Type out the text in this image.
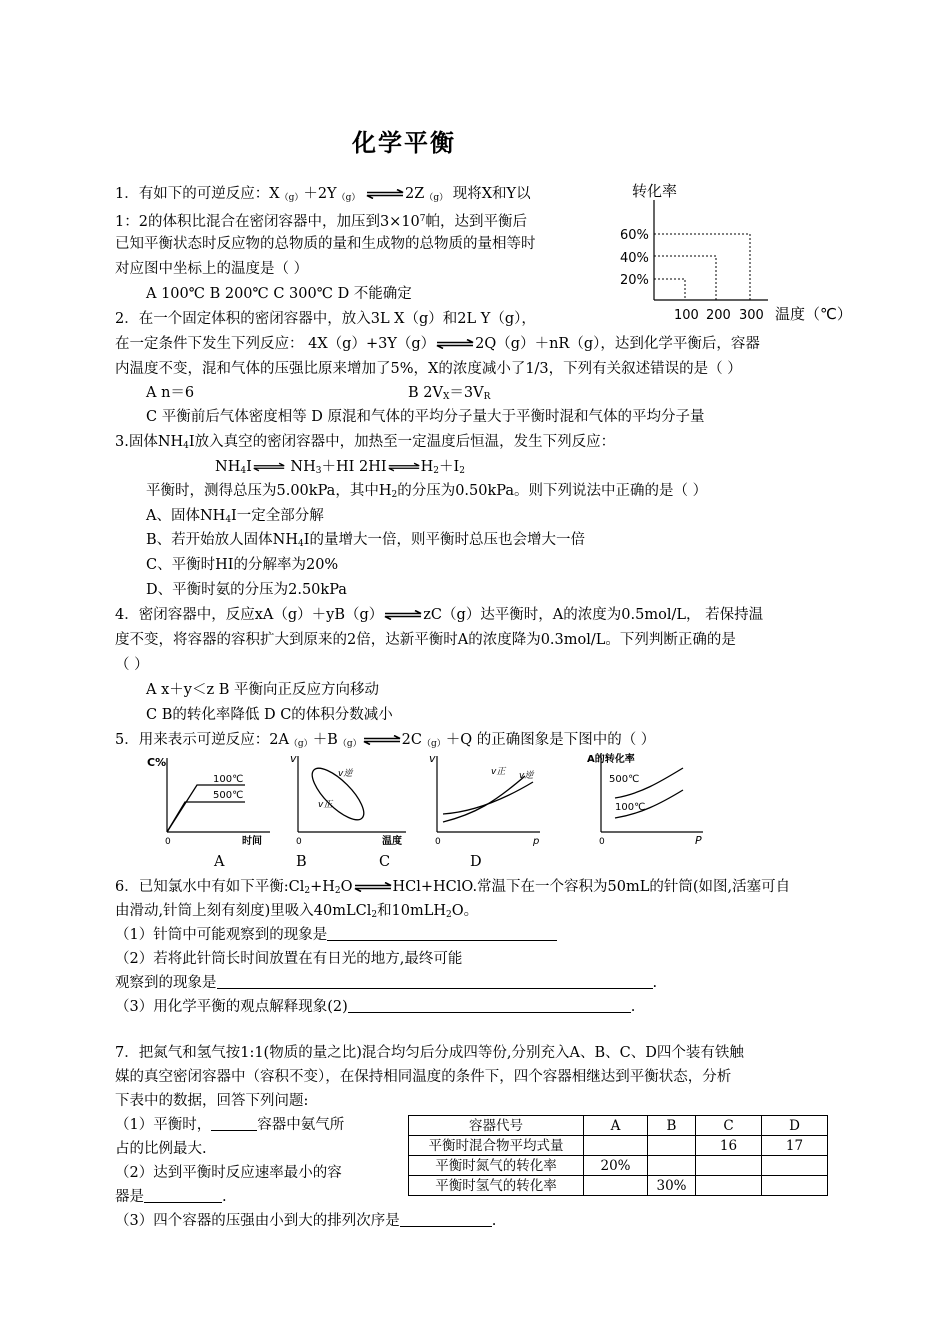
化学平衡
1．有如下的可逆反应：$X_{(g)}+2Y_{(g)}$ $\rightleftharpoons 2Z_{(g)}$ 现将X和Y以
1：2的体积比混合在密闭容器中，加压到$3\times 10^7$帕，达到平衡后
已知平衡状态时反应物的总物质的量和生成物的总物质的量相等时
对应图中坐标上的温度是（ ）
A 100℃ B 200℃ C 300℃ D 不能确定
转化率
60%
40%
20%
100 200 300 温度（℃）
2．在一个固定体积的密闭容器中，放入3L X（g）和2L Y（g），
在一定条件下发生下列反应： 4X（g）+3Y（g）⇌2Q（g）＋nR（g），达到化学平衡后，容器
内温度不变，混和气体的压强比原来增加了5%，X的浓度减小了1/3，下列有关叙述错误的是（ ）
A n＝6	B $2V_X=3V_R$
C 平衡前后气体密度相等 D 原混和气体的平均分子量大于平衡时混和气体的平均分子量
3.固体$NH_4I$放入真空的密闭容器中，加热至一定温度后恒温，发生下列反应：
$NH_4I\rightleftharpoons$ $NH_3+HI$ $2HI\rightleftharpoons H_2+I_2$
平衡时，测得总压为5.00kPa，其中$H_2$的分压为0.50kPa。则下列说法中正确的是（ ）
A、固体$NH_4I$一定全部分解
B、若开始放人固体$NH_4I$的量增大一倍，则平衡时总压也会增大一倍
C、平衡时HI的分解率为20%
D、平衡时氨的分压为2.50kPa
4．密闭容器中，反应xA（g）＋yB（g）⇌zC（g）达平衡时，A的浓度为0.5mol/L， 若保持温
度不变，将容器的容积扩大到原来的2倍，达新平衡时A的浓度降为0.3mol/L。下列判断正确的是
（ ）
A x＋y＜z B 平衡向正反应方向移动
C B的转化率降低 D C的体积分数减小
5．用来表示可逆反应：$2A_{(g)}+B_{(g)}\rightleftharpoons 2C_{(g)}+Q$ 的正确图象是下图中的（ ）
C%
0	时间
100℃
500℃
v
0	温度
v逆
v正
v
0	p
v正 v逆
A的转化率
0	P
500℃
100℃
A	B	C	D
6．已知氯水中有如下平衡$:Cl_2+H_2O\rightleftharpoons HCl+HClO$.常温下在一个容积为50mL的针筒(如图,活塞可自
由滑动,针筒上刻有刻度)里吸入40mLCl$_2$和10mLH$_2$O。
（1）针筒中可能观察到的现象是
（2）若将此针筒长时间放置在有日光的地方,最终可能
观察到的现象是	.
（3）用化学平衡的观点解释现象(2)	.
7．把氮气和氢气按1:1(物质的量之比)混合均匀后分成四等份,分别充入A、B、C、D四个装有铁触
媒的真空密闭容器中（容积不变），在保持相同温度的条件下，四个容器相继达到平衡状态，分析
下表中的数据，回答下列问题:
（1）平衡时，	容器中氨气所
占的比例最大.
（2）达到平衡时反应速率最小的容
器是	.
（3）四个容器的压强由小到大的排列次序是	.
容器代号	A	B	C	D
平衡时混合物平均式量			16	17
平衡时氮气的转化率	20%			
平衡时氢气的转化率		30%		
